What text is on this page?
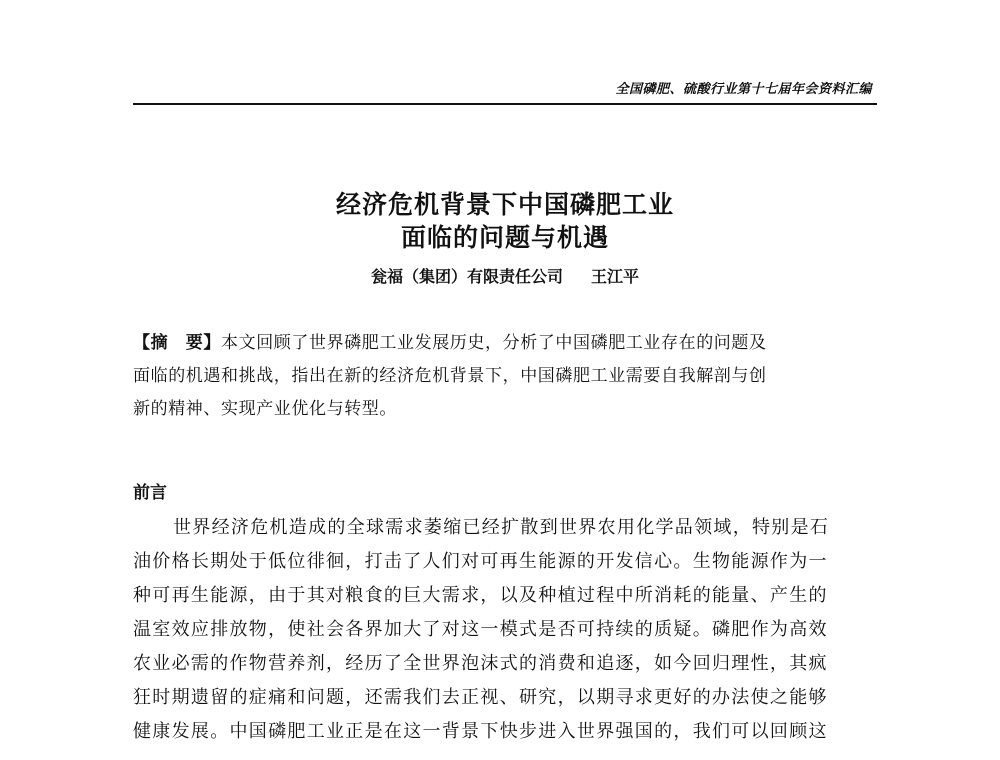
全国磷肥、硫酸行业第十七届年会资料汇编
经济危机背景下中国磷肥工业
面临的问题与机遇
瓮福（集团）有限责任公司 王江平
【摘　要】本文回顾了世界磷肥工业发展历史，分析了中国磷肥工业存在的问题及
面临的机遇和挑战，指出在新的经济危机背景下，中国磷肥工业需要自我解剖与创
新的精神、实现产业优化与转型。
前言
世界经济危机造成的全球需求萎缩已经扩散到世界农用化学品领域，特别是石
油价格长期处于低位徘徊，打击了人们对可再生能源的开发信心。生物能源作为一
种可再生能源，由于其对粮食的巨大需求，以及种植过程中所消耗的能量、产生的
温室效应排放物，使社会各界加大了对这一模式是否可持续的质疑。磷肥作为高效
农业必需的作物营养剂，经历了全世界泡沫式的消费和追逐，如今回归理性，其疯
狂时期遗留的症痛和问题，还需我们去正视、研究，以期寻求更好的办法使之能够
健康发展。中国磷肥工业正是在这一背景下快步进入世界强国的，我们可以回顾这
